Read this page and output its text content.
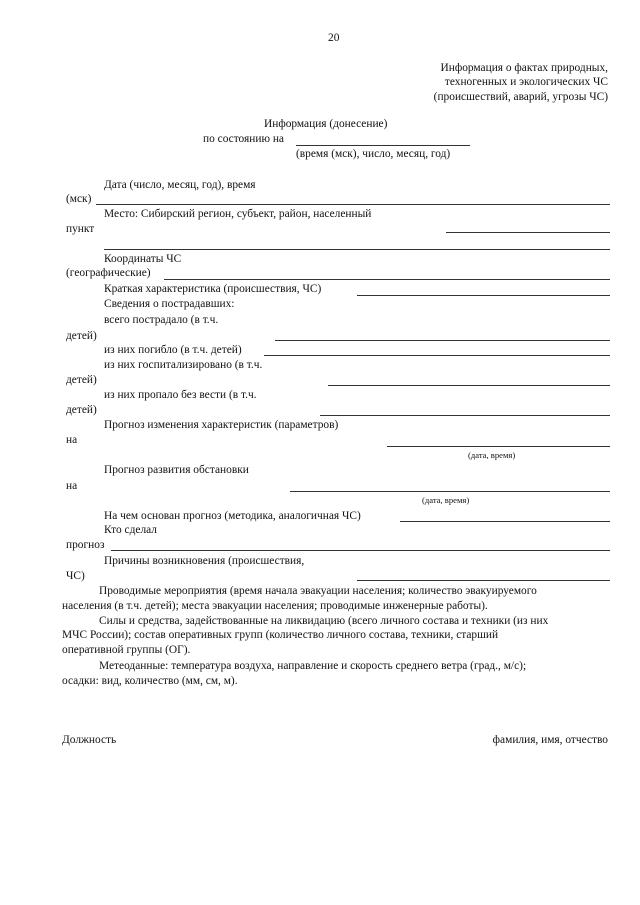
20
Информация о фактах природных,
техногенных и экологических ЧС
(происшествий, аварий, угрозы ЧС)
Информация (донесение)
по состоянию на
(время (мск), число, месяц, год)
Дата (число, месяц, год), время
(мск)
Место: Сибирский регион, субъект, район, населенный
пункт
Координаты ЧС
(географические)
Краткая характеристика (происшествия, ЧС)
Сведения о пострадавших:
всего пострадало (в т.ч.
детей)
из них погибло (в т.ч. детей)
из них госпитализировано (в т.ч.
детей)
из них пропало без вести (в т.ч.
детей)
Прогноз изменения характеристик (параметров)
на
(дата, время)
Прогноз развития обстановки
на
(дата, время)
На чем основан прогноз (методика, аналогичная ЧС)
Кто сделал
прогноз
Причины возникновения (происшествия,
ЧС)
Проводимые мероприятия (время начала эвакуации населения; количество эвакуируемого
населения (в т.ч. детей); места эвакуации населения; проводимые инженерные работы).
Силы и средства, задействованные на ликвидацию (всего личного состава и техники (из них
МЧС России); состав оперативных групп (количество личного состава, техники, старший
оперативной группы (ОГ).
Метеоданные: температура воздуха, направление и скорость среднего ветра (град., м/с);
осадки: вид, количество (мм, см, м).
Должность	фамилия, имя, отчество
